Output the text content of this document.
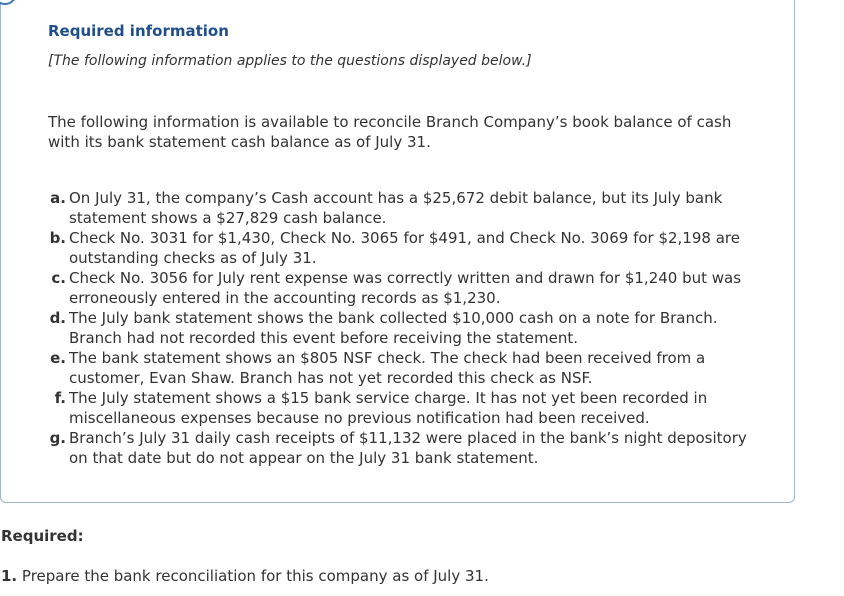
Required information
[The following information applies to the questions displayed below.]
The following information is available to reconcile Branch Company’s book balance of cash with its bank statement cash balance as of July 31.
a. On July 31, the company’s Cash account has a $25,672 debit balance, but its July bank statement shows a $27,829 cash balance.
b. Check No. 3031 for $1,430, Check No. 3065 for $491, and Check No. 3069 for $2,198 are outstanding checks as of July 31.
c. Check No. 3056 for July rent expense was correctly written and drawn for $1,240 but was erroneously entered in the accounting records as $1,230.
d. The July bank statement shows the bank collected $10,000 cash on a note for Branch. Branch had not recorded this event before receiving the statement.
e. The bank statement shows an $805 NSF check. The check had been received from a customer, Evan Shaw. Branch has not yet recorded this check as NSF.
f. The July statement shows a $15 bank service charge. It has not yet been recorded in miscellaneous expenses because no previous notification had been received.
g. Branch’s July 31 daily cash receipts of $11,132 were placed in the bank’s night depository on that date but do not appear on the July 31 bank statement.
Required:
1. Prepare the bank reconciliation for this company as of July 31.
